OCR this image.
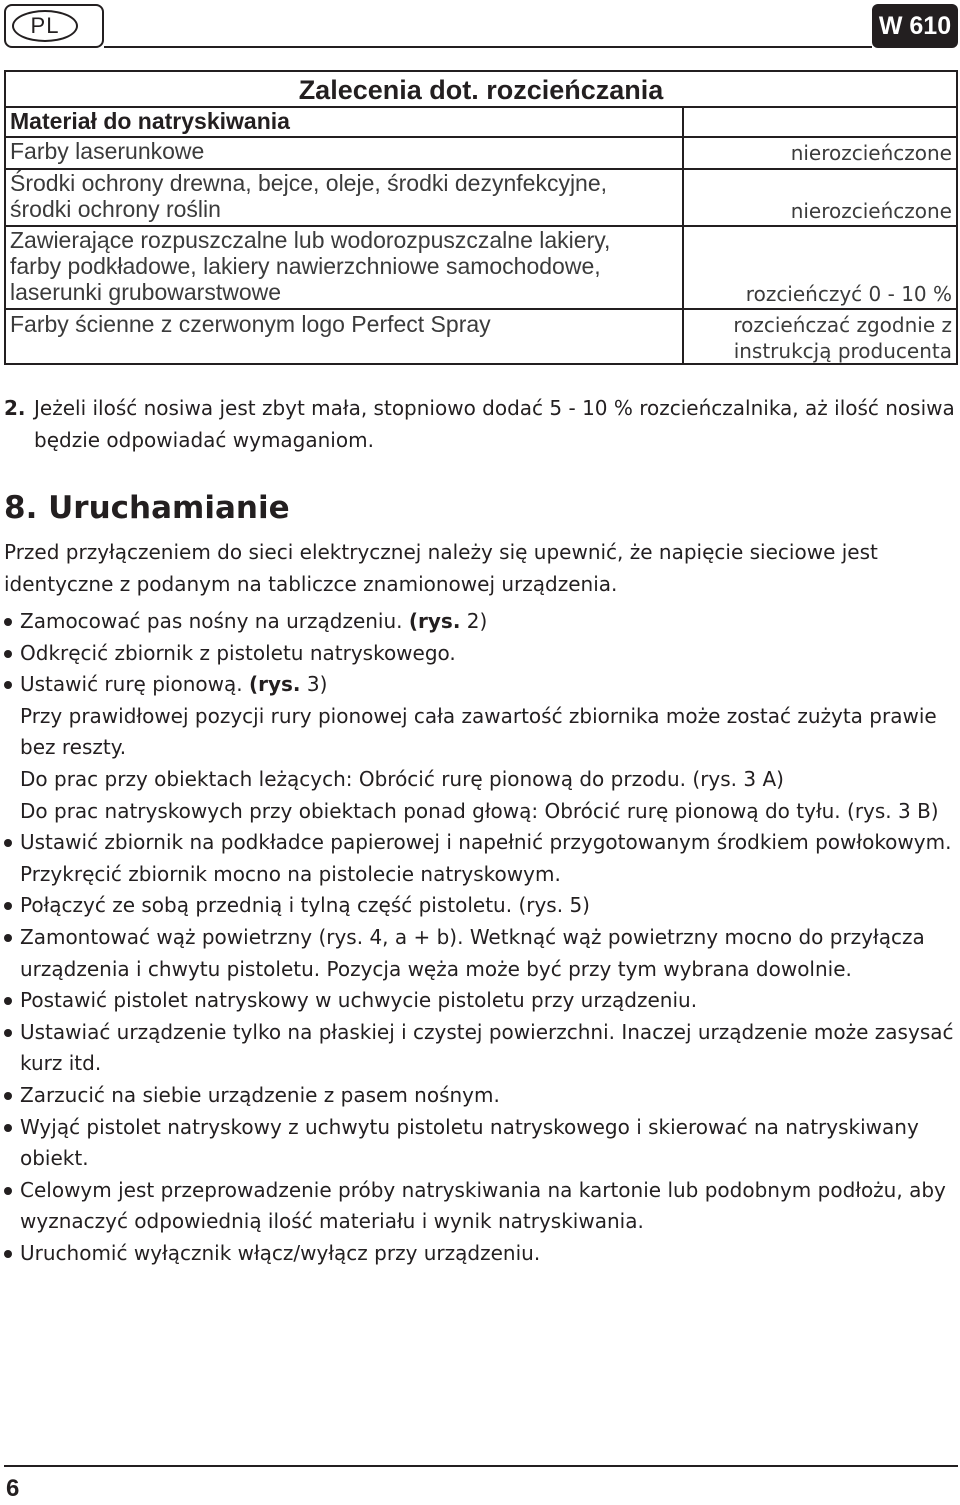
PL	W 610
Zalecenia dot. rozcieńczania
Materiał do natryskiwania
Farby laserunkowe	nierozcieńczone
Środki ochrony drewna, bejce, oleje, środki dezynfekcyjne,
środki ochrony roślin	nierozcieńczone
Zawierające rozpuszczalne lub wodorozpuszczalne lakiery,
farby podkładowe, lakiery nawierzchniowe samochodowe,
laserunki grubowarstwowe	rozcieńczyć 0 - 10 %
Farby ścienne z czerwonym logo Perfect Spray	rozcieńczać zgodnie z
instrukcją producenta
2. Jeżeli ilość nosiwa jest zbyt mała, stopniowo dodać 5 - 10 % rozcieńczalnika, aż ilość nosiwa będzie odpowiadać wymaganiom.
8. Uruchamianie
Przed przyłączeniem do sieci elektrycznej należy się upewnić, że napięcie sieciowe jest identyczne z podanym na tabliczce znamionowej urządzenia.
Zamocować pas nośny na urządzeniu. (rys. 2)
Odkręcić zbiornik z pistoletu natryskowego.
Ustawić rurę pionową. (rys. 3)
Przy prawidłowej pozycji rury pionowej cała zawartość zbiornika może zostać zużyta prawie bez reszty.
Do prac przy obiektach leżących: Obrócić rurę pionową do przodu. (rys. 3 A)
Do prac natryskowych przy obiektach ponad głową: Obrócić rurę pionową do tyłu. (rys. 3 B)
Ustawić zbiornik na podkładce papierowej i napełnić przygotowanym środkiem powłokowym. Przykręcić zbiornik mocno na pistolecie natryskowym.
Połączyć ze sobą przednią i tylną część pistoletu. (rys. 5)
Zamontować wąż powietrzny (rys. 4, a + b). Wetknąć wąż powietrzny mocno do przyłącza urządzenia i chwytu pistoletu. Pozycja węża może być przy tym wybrana dowolnie.
Postawić pistolet natryskowy w uchwycie pistoletu przy urządzeniu.
Ustawiać urządzenie tylko na płaskiej i czystej powierzchni. Inaczej urządzenie może zasysać kurz itd.
Zarzucić na siebie urządzenie z pasem nośnym.
Wyjąć pistolet natryskowy z uchwytu pistoletu natryskowego i skierować na natryskiwany obiekt.
Celowym jest przeprowadzenie próby natryskiwania na kartonie lub podobnym podłożu, aby wyznaczyć odpowiednią ilość materiału i wynik natryskiwania.
Uruchomić wyłącznik włącz/wyłącz przy urządzeniu.
6
